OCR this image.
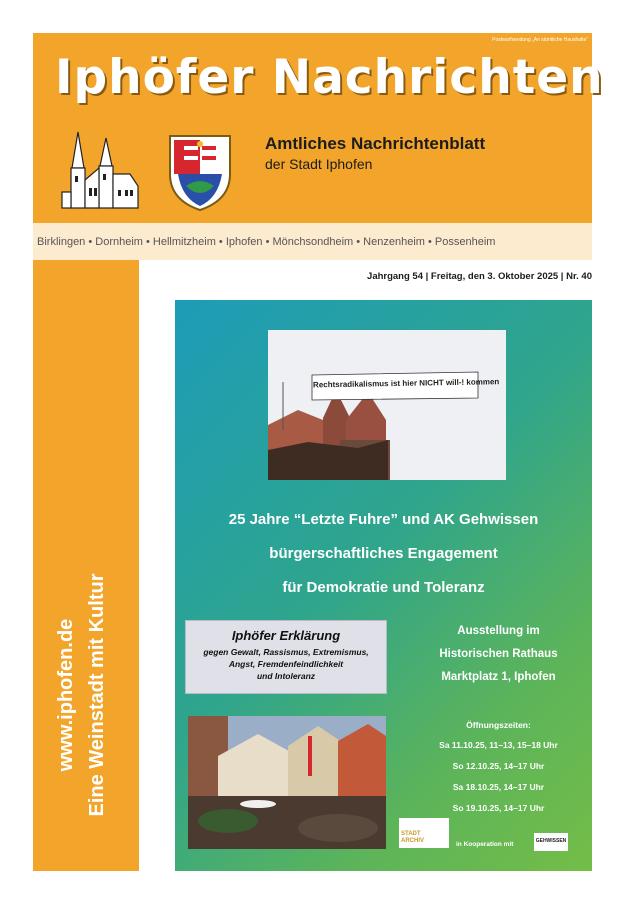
Postwurfsendung „An sämtliche Haushalte“
Iphöfer Nachrichten
Amtliches Nachrichtenblatt
der Stadt Iphofen
Birklingen • Dornheim • Hellmitzheim • Iphofen • Mönchsondheim • Nenzenheim • Possenheim
www.iphofen.de Eine Weinstadt mit Kultur
Jahrgang 54 | Freitag, den 3. Oktober 2025 | Nr. 40
Rechtsradikalismus ist hier NICHT will-! kommen
25 Jahre “Letzte Fuhre” und AK Gehwissen
bürgerschaftliches Engagement
für Demokratie und Toleranz
Iphöfer Erklärung
gegen Gewalt, Rassismus, Extremismus,
Angst, Fremdenfeindlichkeit
und Intoleranz
Ausstellung im
Historischen Rathaus
Marktplatz 1, Iphofen
Öffnungszeiten:
Sa 11.10.25, 11–13, 15–18 Uhr
So 12.10.25, 14–17 Uhr
Sa 18.10.25, 14–17 Uhr
So 19.10.25, 14–17 Uhr
STADT ARCHIV	in Kooperation mit	GEHWISSEN
